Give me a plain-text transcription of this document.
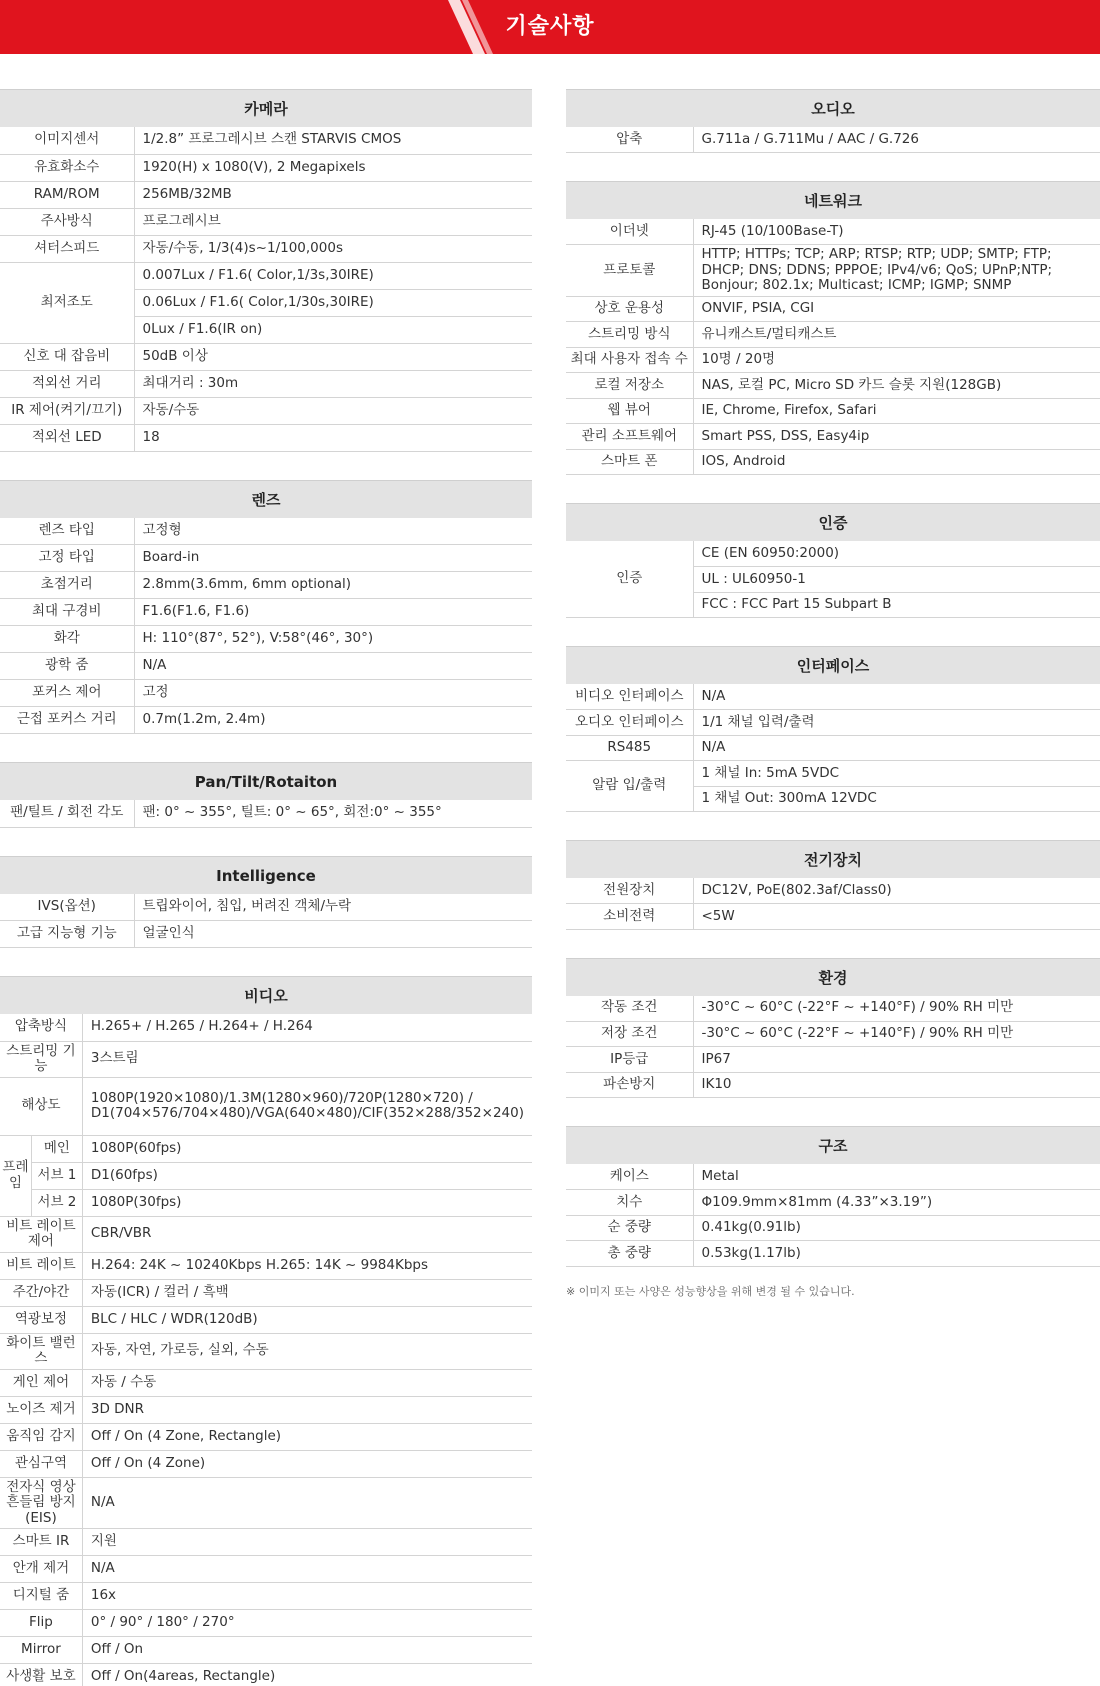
기술사항
카메라
이미지센서	1/2.8” 프로그레시브 스캔 STARVIS CMOS
유효화소수	1920(H) x 1080(V), 2 Megapixels
RAM/ROM	256MB/32MB
주사방식	프로그레시브
셔터스피드	자동/수동, 1/3(4)s~1/100,000s
최저조도	0.007Lux / F1.6( Color,1/3s,30IRE)
	0.06Lux / F1.6( Color,1/30s,30IRE)
	0Lux / F1.6(IR on)
신호 대 잡음비	50dB 이상
적외선 거리	최대거리 : 30m
IR 제어(켜기/끄기)	자동/수동
적외선 LED	18
렌즈
렌즈 타입	고정형
고정 타입	Board-in
초점거리	2.8mm(3.6mm, 6mm optional)
최대 구경비	F1.6(F1.6, F1.6)
화각	H: 110°(87°, 52°), V:58°(46°, 30°)
광학 줌	N/A
포커스 제어	고정
근접 포커스 거리	0.7m(1.2m, 2.4m)
Pan/Tilt/Rotaiton
팬/틸트 / 회전 각도	팬: 0° ~ 355°, 틸트: 0° ~ 65°, 회전:0° ~ 355°
Intelligence
IVS(옵션)	트립와이어, 침입, 버려진 객체/누락
고급 지능형 기능	얼굴인식
비디오
압축방식		H.265+ / H.265 / H.264+ / H.264
스트리밍 기능		3스트림
해상도		1080P(1920×1080)/1.3M(1280×960)/720P(1280×720) / D1(704×576/704×480)/VGA(640×480)/CIF(352×288/352×240)
프레임	메인	1080P(60fps)
	서브 1	D1(60fps)
	서브 2	1080P(30fps)
비트 레이트 제어		CBR/VBR
비트 레이트		H.264: 24K ~ 10240Kbps H.265: 14K ~ 9984Kbps
주간/야간		자동(ICR) / 컬러 / 흑백
역광보정		BLC / HLC / WDR(120dB)
화이트 밸런스		자동, 자연, 가로등, 실외, 수동
게인 제어		자동 / 수동
노이즈 제거		3D DNR
움직임 감지		Off / On (4 Zone, Rectangle)
관심구역		Off / On (4 Zone)
전자식 영상 흔들림 방지(EIS)		N/A
스마트 IR		지원
안개 제거		N/A
디지털 줌		16x
Flip		0° / 90° / 180° / 270°
Mirror		Off / On
사생활 보호		Off / On(4areas, Rectangle)
오디오
압축	G.711a / G.711Mu / AAC / G.726
네트워크
이더넷	RJ-45 (10/100Base-T)
프로토콜	HTTP; HTTPs; TCP; ARP; RTSP; RTP; UDP; SMTP; FTP; DHCP; DNS; DDNS; PPPOE; IPv4/v6; QoS; UPnP;NTP; Bonjour; 802.1x; Multicast; ICMP; IGMP; SNMP
상호 운용성	ONVIF, PSIA, CGI
스트리밍 방식	유니캐스트/멀티캐스트
최대 사용자 접속 수	10명 / 20명
로컬 저장소	NAS, 로컬 PC, Micro SD 카드 슬롯 지원(128GB)
웹 뷰어	IE, Chrome, Firefox, Safari
관리 소프트웨어	Smart PSS, DSS, Easy4ip
스마트 폰	IOS, Android
인증
인증	CE (EN 60950:2000)
UL : UL60950-1
FCC : FCC Part 15 Subpart B
인터페이스
비디오 인터페이스	N/A
오디오 인터페이스	1/1 채널 입력/출력
RS485	N/A
알람 입/출력	1 채널 In: 5mA 5VDC
	1 채널 Out: 300mA 12VDC
전기장치
전원장치	DC12V, PoE(802.3af/Class0)
소비전력	<5W
환경
작동 조건	-30°C ~ 60°C (-22°F ~ +140°F) / 90% RH 미만
저장 조건	-30°C ~ 60°C (-22°F ~ +140°F) / 90% RH 미만
IP등급	IP67
파손방지	IK10
구조
케이스	Metal
치수	Φ109.9mm×81mm (4.33”×3.19”)
순 중량	0.41kg(0.91lb)
총 중량	0.53kg(1.17lb)
※ 이미지 또는 사양은 성능향상을 위해 변경 될 수 있습니다.
